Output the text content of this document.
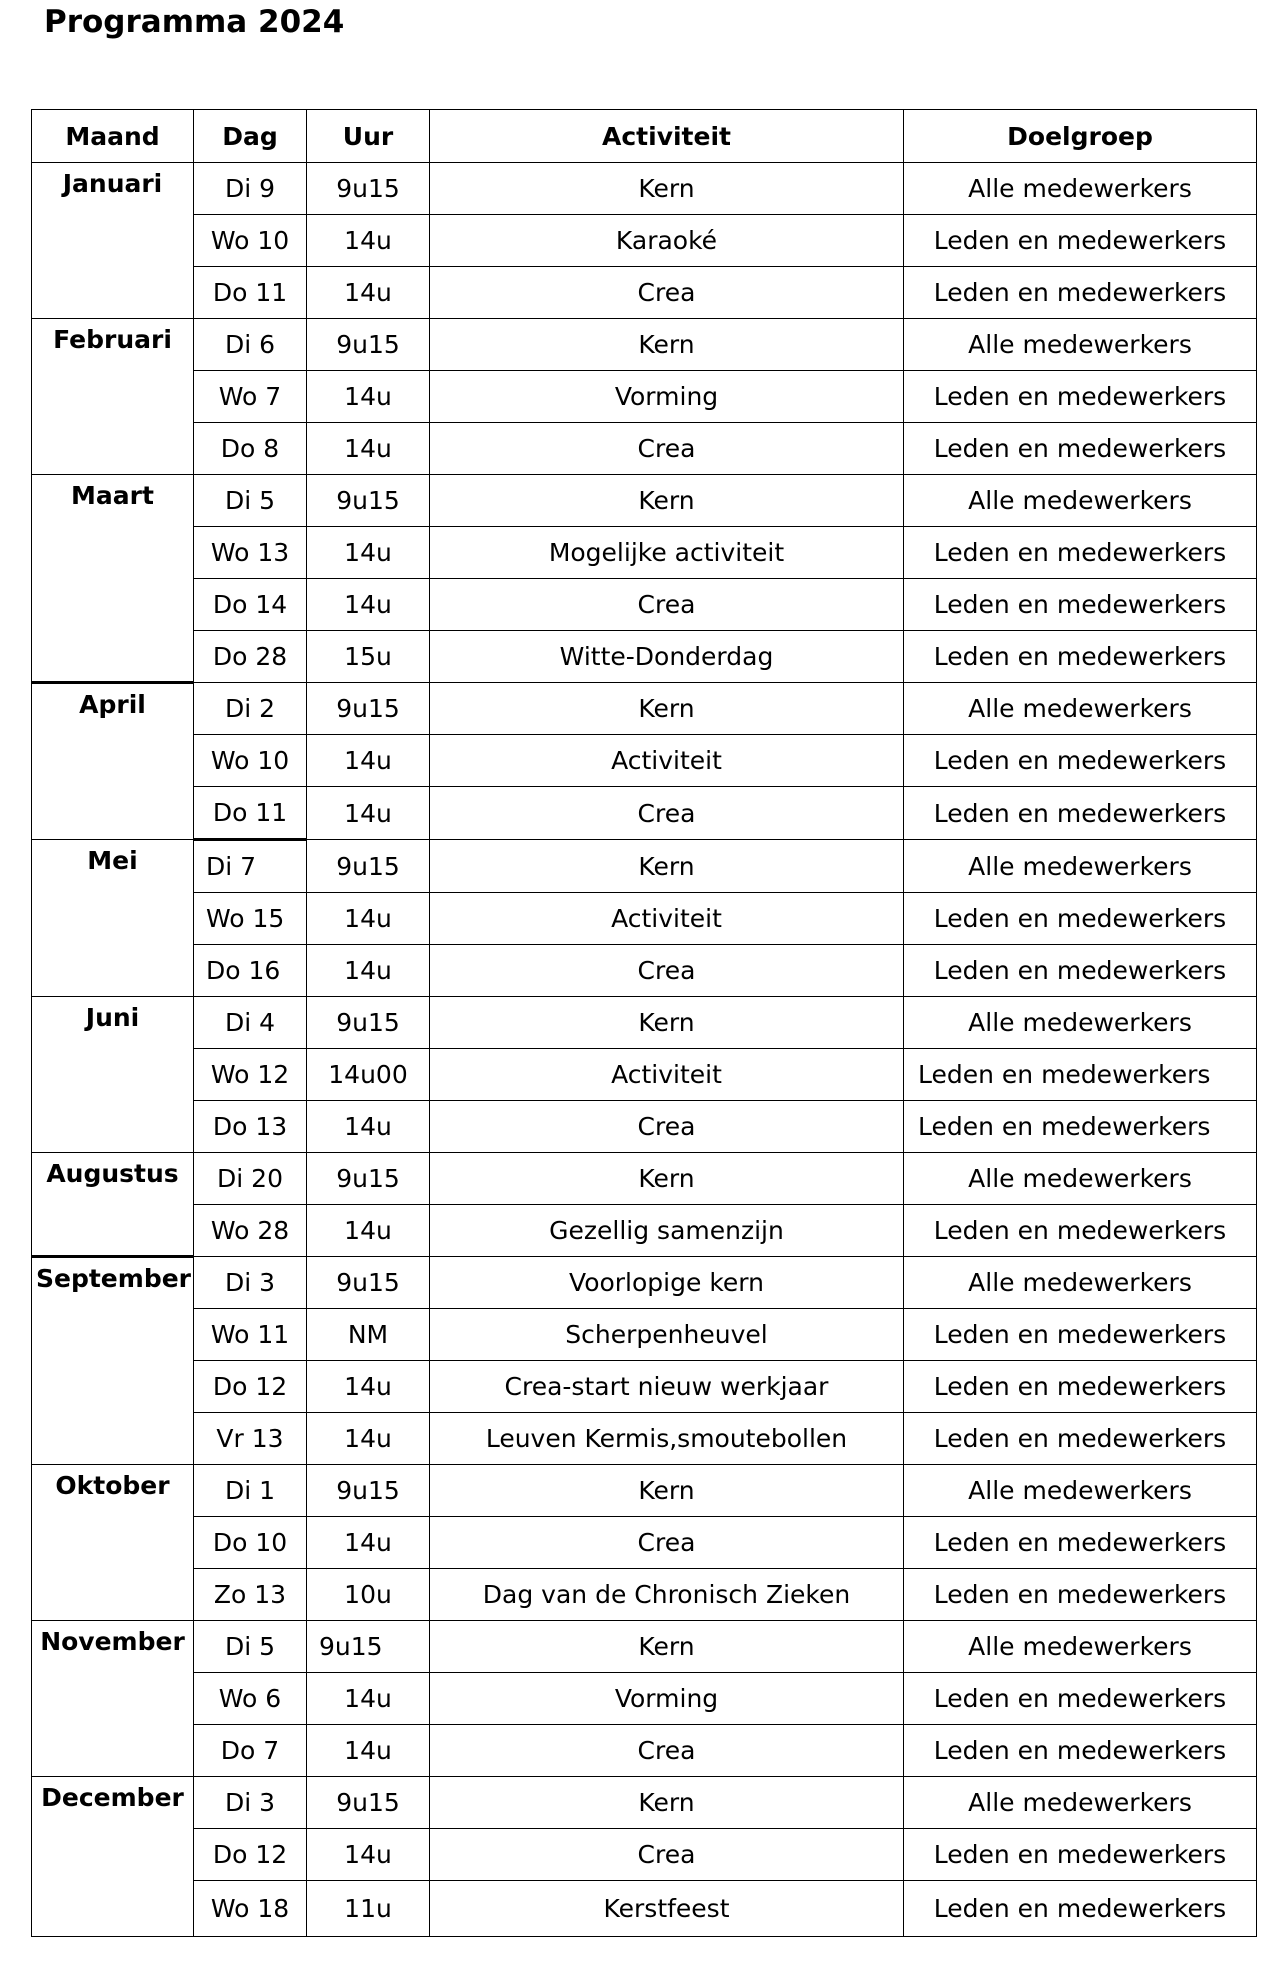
Programma 2024
Maand	Dag	Uur	Activiteit	Doelgroep
Januari	Di 9	9u15	Kern	Alle medewerkers
	Wo 10	14u	Karaoké	Leden en medewerkers
	Do 11	14u	Crea	Leden en medewerkers
Februari	Di 6	9u15	Kern	Alle medewerkers
	Wo 7	14u	Vorming	Leden en medewerkers
	Do 8	14u	Crea	Leden en medewerkers
Maart	Di 5	9u15	Kern	Alle medewerkers
	Wo 13	14u	Mogelijke activiteit	Leden en medewerkers
	Do 14	14u	Crea	Leden en medewerkers
	Do 28	15u	Witte-Donderdag	Leden en medewerkers
April	Di 2	9u15	Kern	Alle medewerkers
	Wo 10	14u	Activiteit	Leden en medewerkers
	Do 11	14u	Crea	Leden en medewerkers
Mei	Di 7	9u15	Kern	Alle medewerkers
	Wo 15	14u	Activiteit	Leden en medewerkers
	Do 16	14u	Crea	Leden en medewerkers
Juni	Di 4	9u15	Kern	Alle medewerkers
	Wo 12	14u00	Activiteit	Leden en medewerkers
	Do 13	14u	Crea	Leden en medewerkers
Augustus	Di 20	9u15	Kern	Alle medewerkers
	Wo 28	14u	Gezellig samenzijn	Leden en medewerkers
September	Di 3	9u15	Voorlopige kern	Alle medewerkers
	Wo 11	NM	Scherpenheuvel	Leden en medewerkers
	Do 12	14u	Crea-start nieuw werkjaar	Leden en medewerkers
	Vr 13	14u	Leuven Kermis,smoutebollen	Leden en medewerkers
Oktober	Di 1	9u15	Kern	Alle medewerkers
	Do 10	14u	Crea	Leden en medewerkers
	Zo 13	10u	Dag van de Chronisch Zieken	Leden en medewerkers
November	Di 5	9u15	Kern	Alle medewerkers
	Wo 6	14u	Vorming	Leden en medewerkers
	Do 7	14u	Crea	Leden en medewerkers
December	Di 3	9u15	Kern	Alle medewerkers
	Do 12	14u	Crea	Leden en medewerkers
	Wo 18	11u	Kerstfeest	Leden en medewerkers
